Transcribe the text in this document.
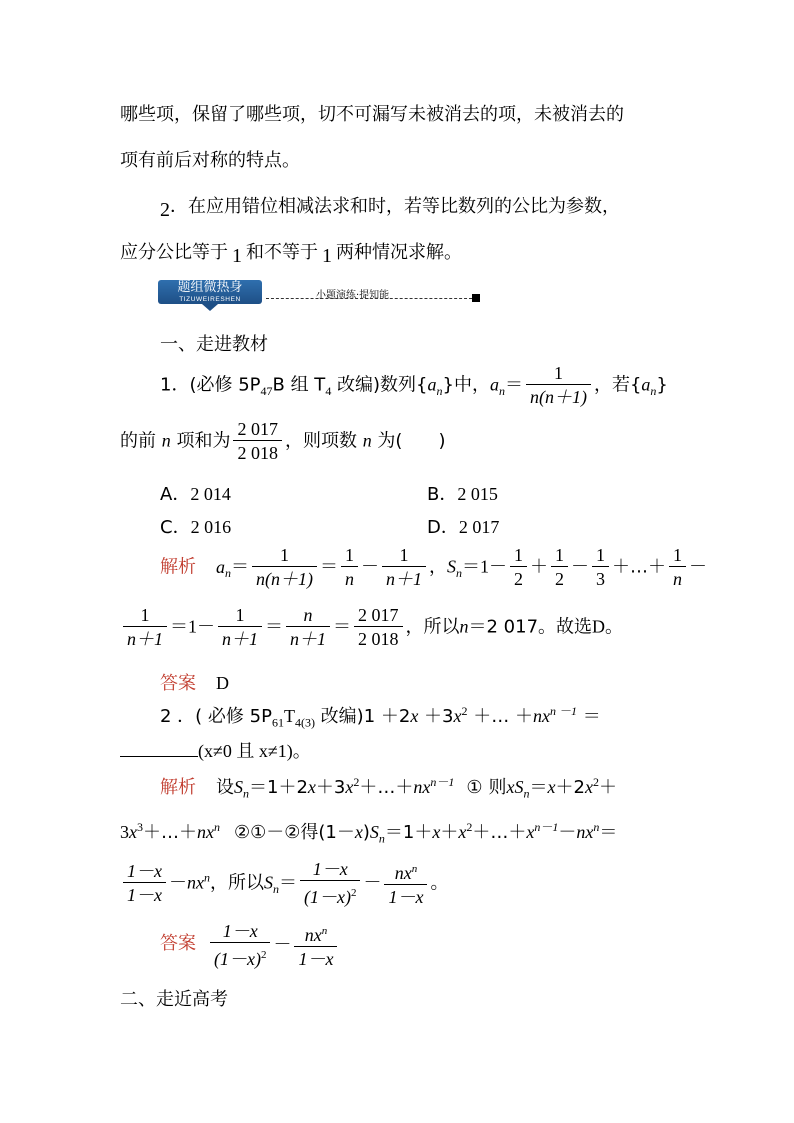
哪些项，保留了哪些项，切不可漏写未被消去的项，未被消去的
项有前后对称的特点。
2．在应用错位相减法求和时，若等比数列的公比为参数，
应分公比等于 1 和不等于 1 两种情况求解。
题组微热身
TIZUWEIRESHEN	小题演练·提知能
一、走进教材
1．(必修 $5P_{47}B$ 组 $T_4$ 改编)数列$\{a_n\}$中，$a_n= \frac{1}{n(n+1)}$ ，若$\{a_n\}$
的前 n 项和为 $\frac{2 017}{2 018}$ ，则项数 n 为(　　)
A．2 014	B．2 015
C．2 016	D．2 017
解析 $a_n= \frac{1}{n(n+1)} = \frac{1}{n} - \frac{1}{n+1}$ ，$S_n=1- \frac{1}{2} + \frac{1}{2} - \frac{1}{3}$ ＋…＋ $\frac{1}{n}$ －
$\frac{1}{n+1} =1- \frac{1}{n+1} = \frac{n}{n+1} = \frac{2 017}{2 018}$ ，所以n＝2 017。故选D。
答案 D
2 ．( 必修 $5P_{61}T_{4(3)}$ 改编)$1 +2x +3x^2$ ＋… $+nx^{n -1}$ ＝
(x≠0 且 x≠1)。
解析 设$S_n=1+2x+3x^2+\dots+nx^{n-1}$ ① 则$xS_n=x+2x^2+$
$3x^3+\dots+nx^n$ ②①－②得$(1-x)S_n=1+x+x^2+\dots+x^{n-1}-nx^n=$
$\frac{1-x}{1-x} -nx^n$，所以$S_n= \frac{1-x}{(1-x)^2} - \frac{nx^n}{1-x}$ 。
答案 $\frac{1-x}{(1-x)^2} - \frac{nx^n}{1-x}$
二、走近高考
